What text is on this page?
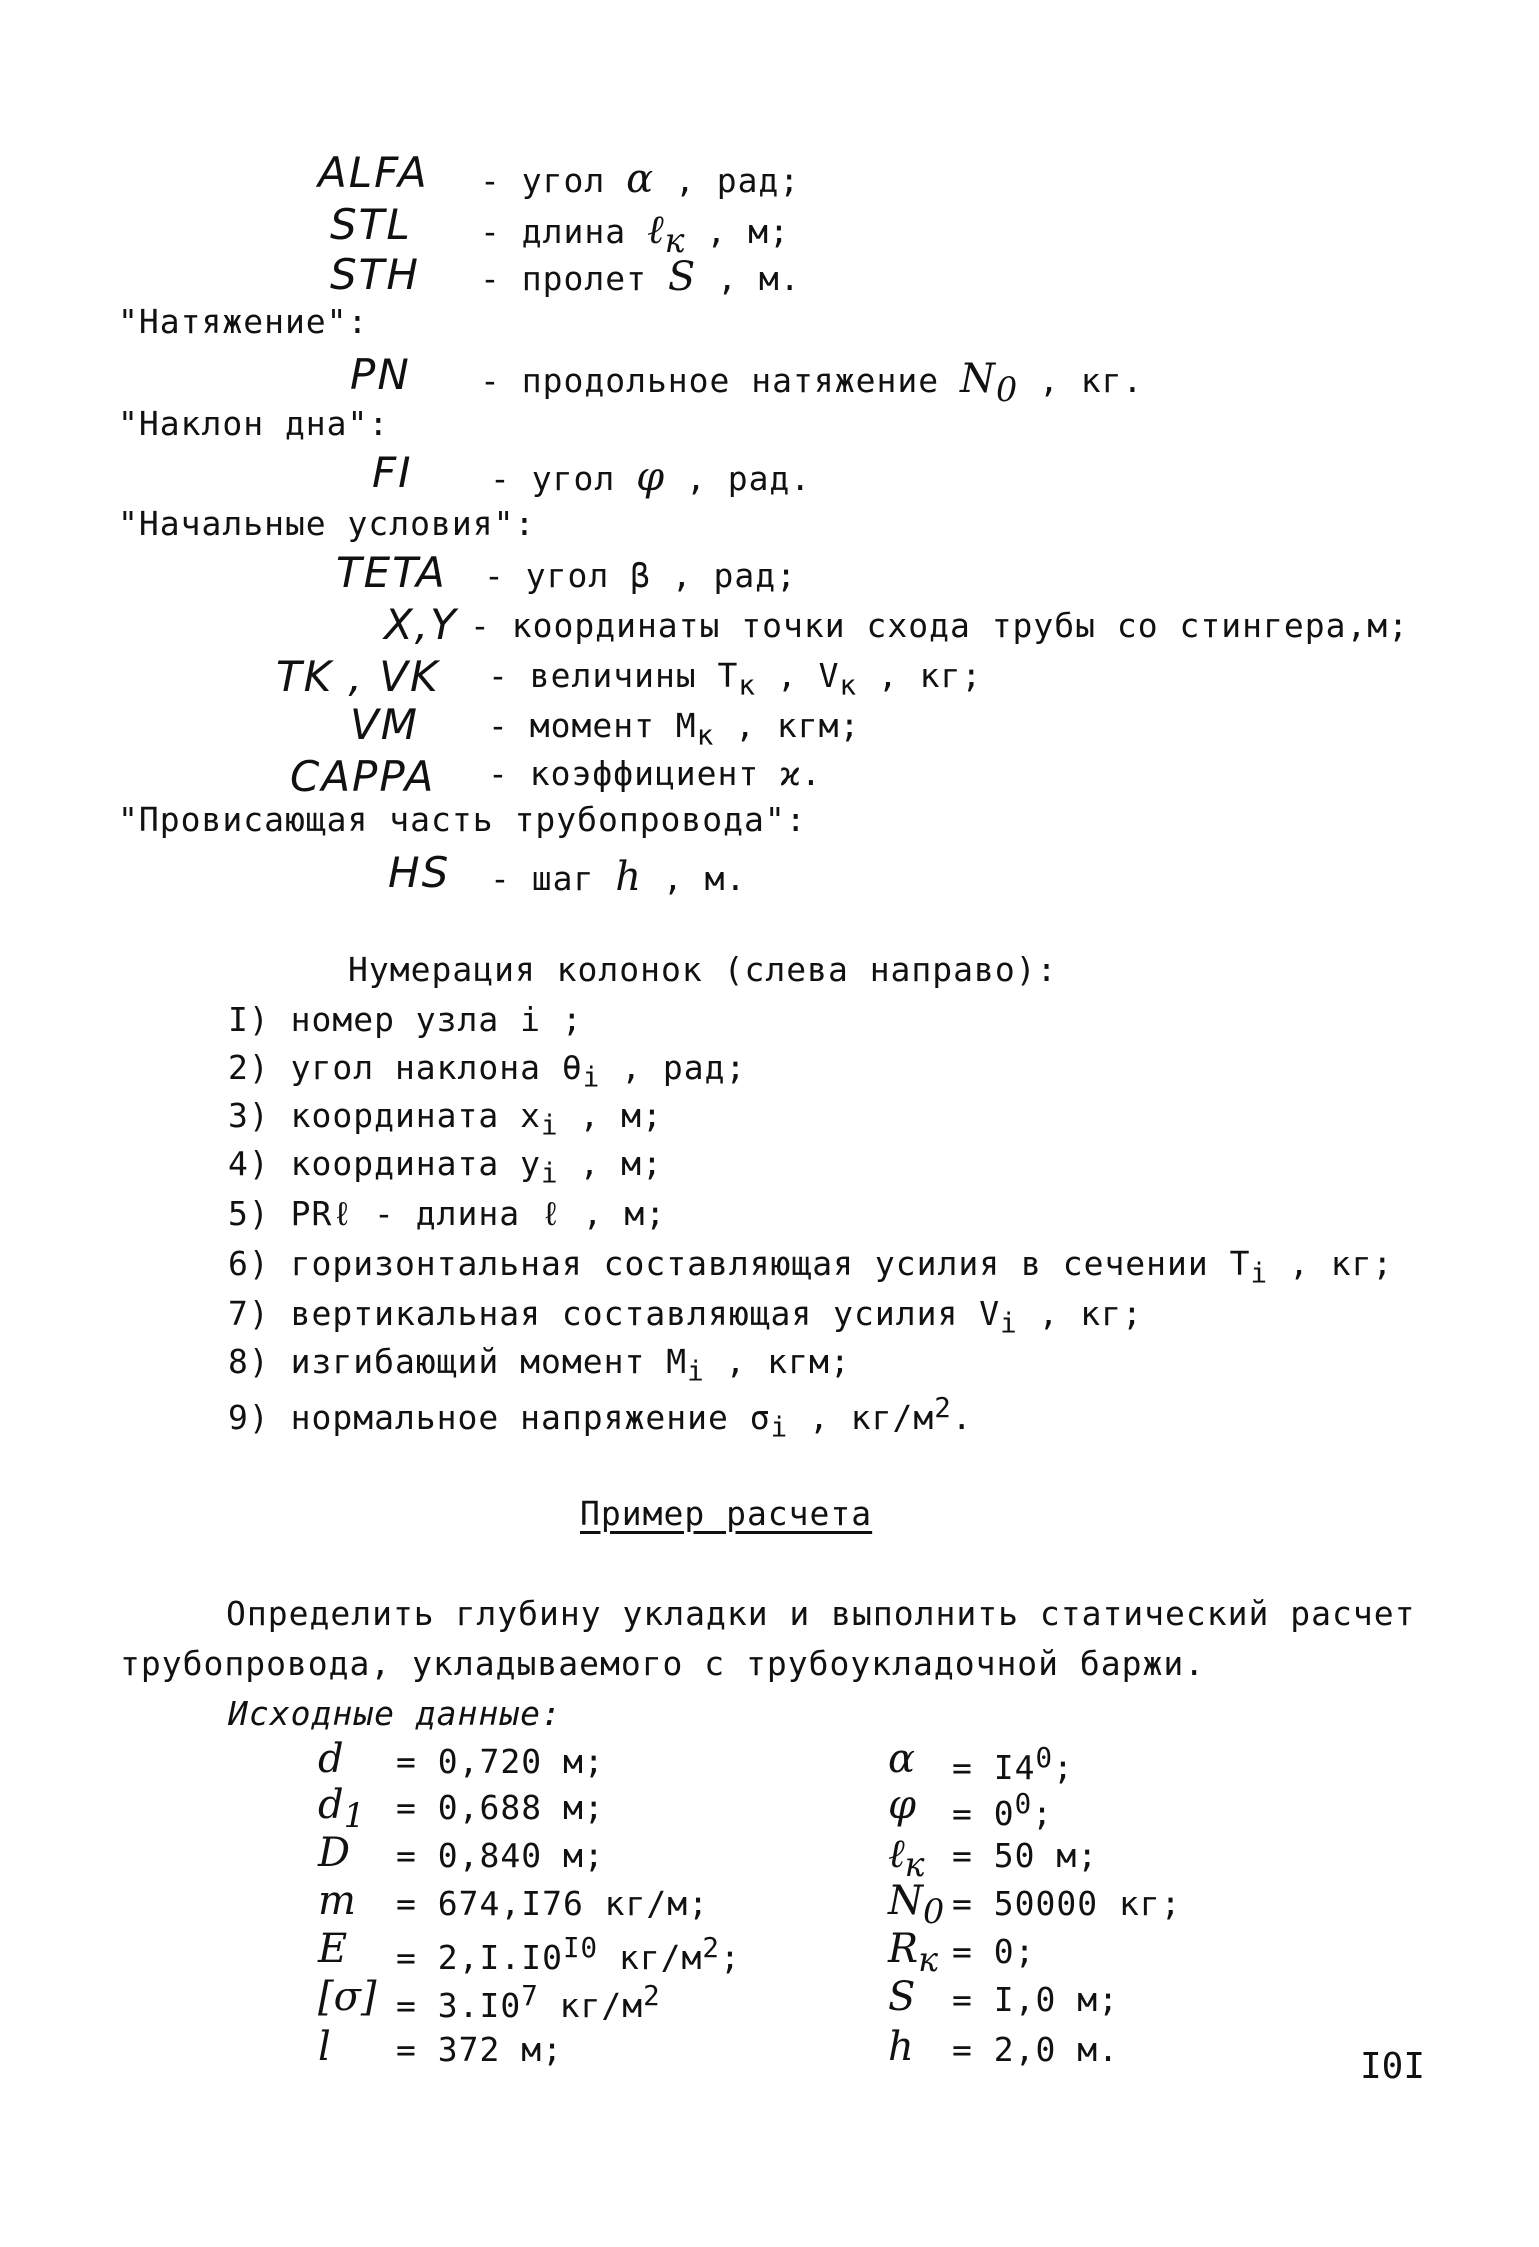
ALFA - угол α , рад;
STL - длина ℓ$_к$ , м;
STH - пролет S , м.
"Натяжение":
PN - продольное натяжение $N_0$ , кг.
"Наклон дна":
FI - угол φ , рад.
"Начальные условия":
TETA - угол β , рад;
X,Y - координаты точки схода трубы со стингера,м;
TK , VK - величины $T_к$ , $V_к$ , кг;
VM - момент $M_к$ , кгм;
CAPPA - коэффициент ϰ.
"Провисающая часть трубопровода":
HS - шаг h , м.
Нумерация колонок (слева направо):
I) номер узла i ;
2) угол наклона $\theta_i$ , рад;
3) координата $x_i$ , м;
4) координата $y_i$ , м;
5) PRℓ - длина ℓ , м;
6) горизонтальная составляющая усилия в сечении $T_i$ , кг;
7) вертикальная составляющая усилия $V_i$ , кг;
8) изгибающий момент $M_i$ , кгм;
9) нормальное напряжение $\sigma_i$ , $кг/м^2$.
Пример расчета
Определить глубину укладки и выполнить статический расчет
трубопровода, укладываемого с трубоукладочной баржи.
Исходные данные:
d = 0,720 м;
$d_1 = 0,688$ м;
D = 0,840 м;
m = 674,I76 кг/м;
$E = 2,I.I0^{I0}$ $кг/м^2$;
$[\sigma] = 3.I0^7$ $кг/м^2$
l = 372 м;
$\alpha = I4^0$;
$\varphi = 0^0$;
ℓ$_к$ = 50 м;
$N_0 = 50000$ кг;
$R_к = 0$;
S = I,0 м;
h = 2,0 м.	I0I
